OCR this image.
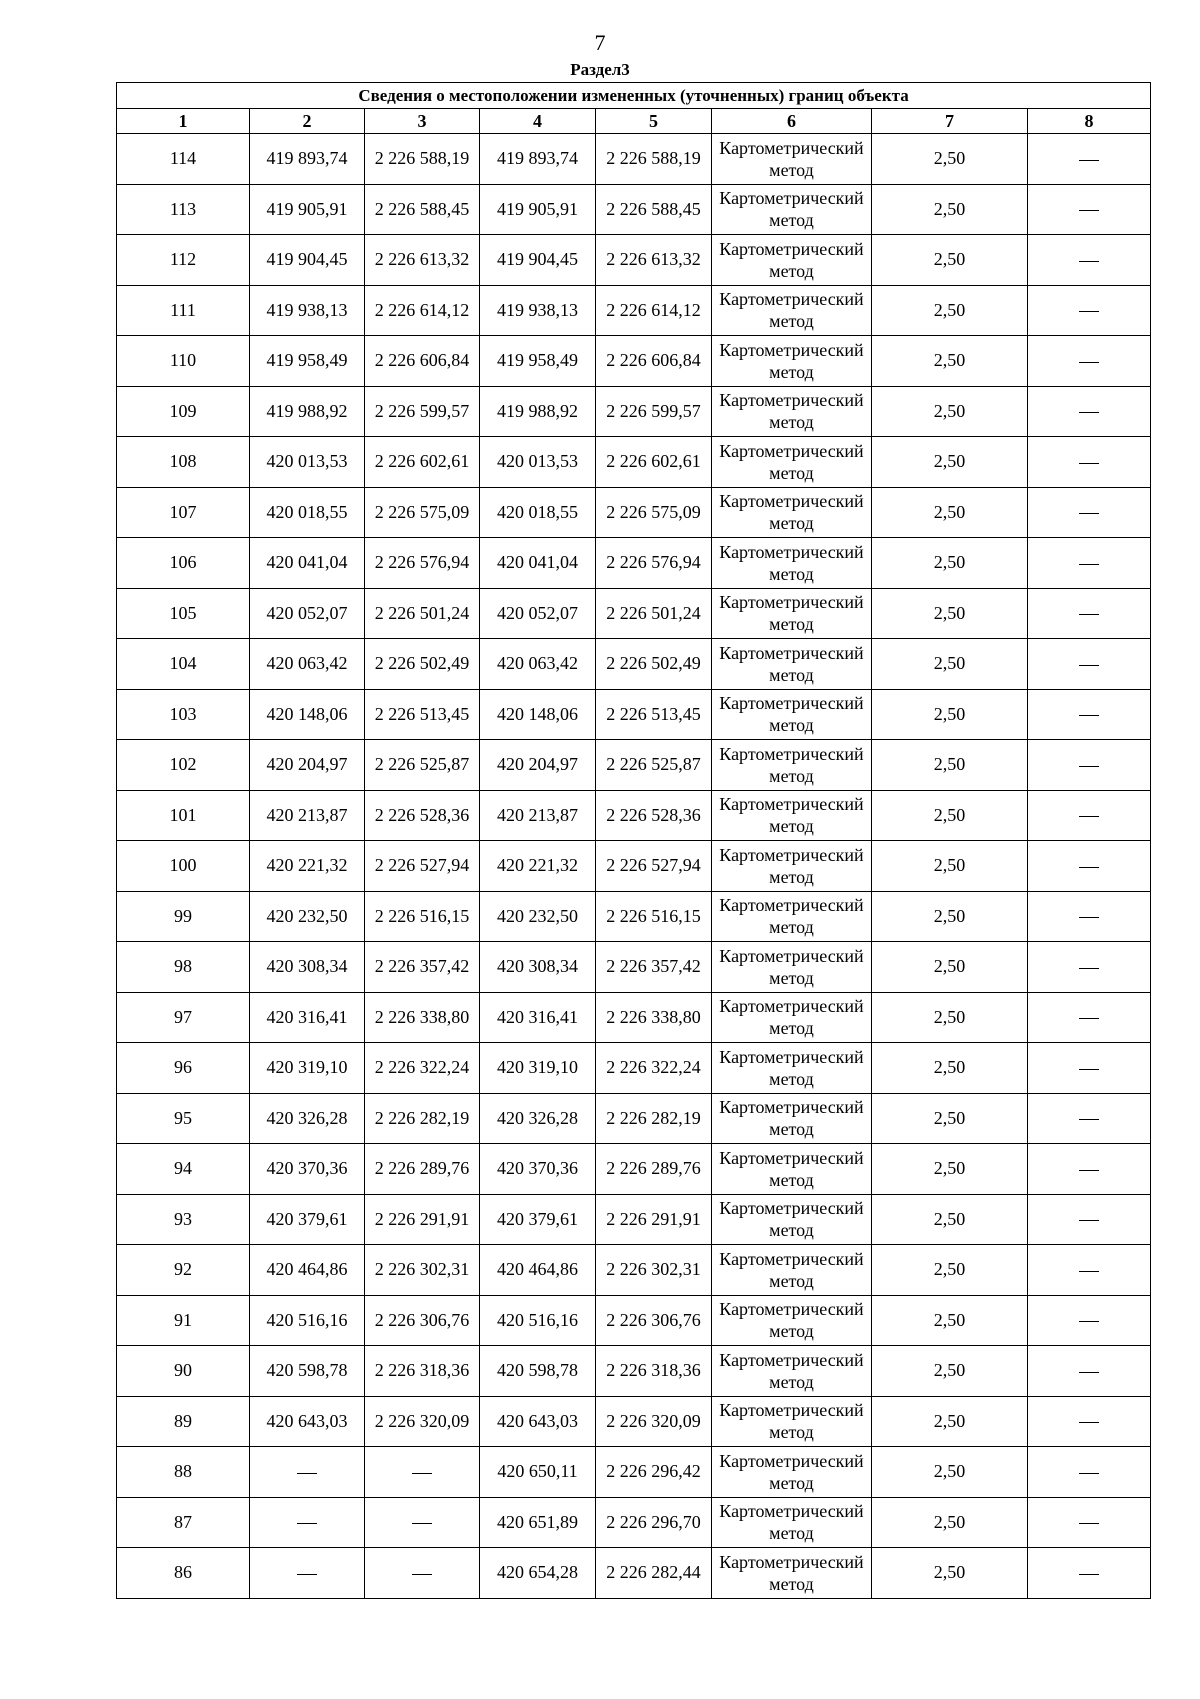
7
Раздел3
Сведения о местоположении измененных (уточненных) границ объекта							
1	2	3	4	5	6	7	8
114	419 893,74	2 226 588,19	419 893,74	2 226 588,19	Картометрический метод	2,50	
113	419 905,91	2 226 588,45	419 905,91	2 226 588,45	Картометрический метод	2,50	
112	419 904,45	2 226 613,32	419 904,45	2 226 613,32	Картометрический метод	2,50	
111	419 938,13	2 226 614,12	419 938,13	2 226 614,12	Картометрический метод	2,50	
110	419 958,49	2 226 606,84	419 958,49	2 226 606,84	Картометрический метод	2,50	
109	419 988,92	2 226 599,57	419 988,92	2 226 599,57	Картометрический метод	2,50	
108	420 013,53	2 226 602,61	420 013,53	2 226 602,61	Картометрический метод	2,50	
107	420 018,55	2 226 575,09	420 018,55	2 226 575,09	Картометрический метод	2,50	
106	420 041,04	2 226 576,94	420 041,04	2 226 576,94	Картометрический метод	2,50	
105	420 052,07	2 226 501,24	420 052,07	2 226 501,24	Картометрический метод	2,50	
104	420 063,42	2 226 502,49	420 063,42	2 226 502,49	Картометрический метод	2,50	
103	420 148,06	2 226 513,45	420 148,06	2 226 513,45	Картометрический метод	2,50	
102	420 204,97	2 226 525,87	420 204,97	2 226 525,87	Картометрический метод	2,50	
101	420 213,87	2 226 528,36	420 213,87	2 226 528,36	Картометрический метод	2,50	
100	420 221,32	2 226 527,94	420 221,32	2 226 527,94	Картометрический метод	2,50	
99	420 232,50	2 226 516,15	420 232,50	2 226 516,15	Картометрический метод	2,50	
98	420 308,34	2 226 357,42	420 308,34	2 226 357,42	Картометрический метод	2,50	
97	420 316,41	2 226 338,80	420 316,41	2 226 338,80	Картометрический метод	2,50	
96	420 319,10	2 226 322,24	420 319,10	2 226 322,24	Картометрический метод	2,50	
95	420 326,28	2 226 282,19	420 326,28	2 226 282,19	Картометрический метод	2,50	
94	420 370,36	2 226 289,76	420 370,36	2 226 289,76	Картометрический метод	2,50	
93	420 379,61	2 226 291,91	420 379,61	2 226 291,91	Картометрический метод	2,50	
92	420 464,86	2 226 302,31	420 464,86	2 226 302,31	Картометрический метод	2,50	
91	420 516,16	2 226 306,76	420 516,16	2 226 306,76	Картометрический метод	2,50	
90	420 598,78	2 226 318,36	420 598,78	2 226 318,36	Картометрический метод	2,50	
89	420 643,03	2 226 320,09	420 643,03	2 226 320,09	Картометрический метод	2,50	
88			420 650,11	2 226 296,42	Картометрический метод	2,50	
87			420 651,89	2 226 296,70	Картометрический метод	2,50	
86			420 654,28	2 226 282,44	Картометрический метод	2,50	
